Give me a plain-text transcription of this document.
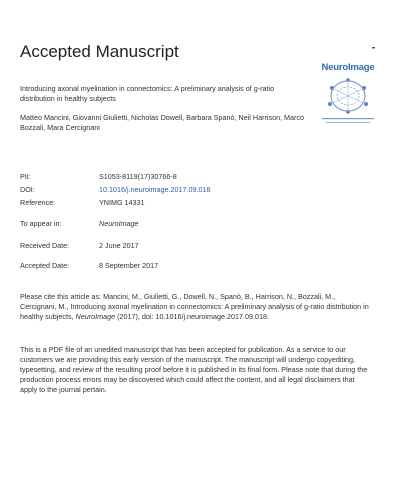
Accepted Manuscript
Introducing axonal myelination in connectomics: A preliminary analysis of g-ratio distribution in healthy subjects
Matteo Mancini, Giovanni Giulietti, Nicholas Dowell, Barbara Spanò, Neil Harrison, Marco Bozzali, Mara Cercignani
NeuroImage
PII:	S1053-8119(17)30766-8
DOI:	10.1016/j.neuroimage.2017.09.018
Reference:	YNIMG 14331
To appear in:	NeuroImage
Received Date:	2 June 2017
Accepted Date:	8 September 2017
Please cite this article as: Mancini, M., Giulietti, G., Dowell, N., Spanò, B., Harrison, N., Bozzali, M., Cercignani, M., Introducing axonal myelination in connectomics: A preliminary analysis of g-ratio distribution in healthy subjects, NeuroImage (2017), doi: 10.1016/j.neuroimage.2017.09.018.
This is a PDF file of an unedited manuscript that has been accepted for publication. As a service to our customers we are providing this early version of the manuscript. The manuscript will undergo copyediting, typesetting, and review of the resulting proof before it is published in its final form. Please note that during the production process errors may be discovered which could affect the content, and all legal disclaimers that apply to the journal pertain.
